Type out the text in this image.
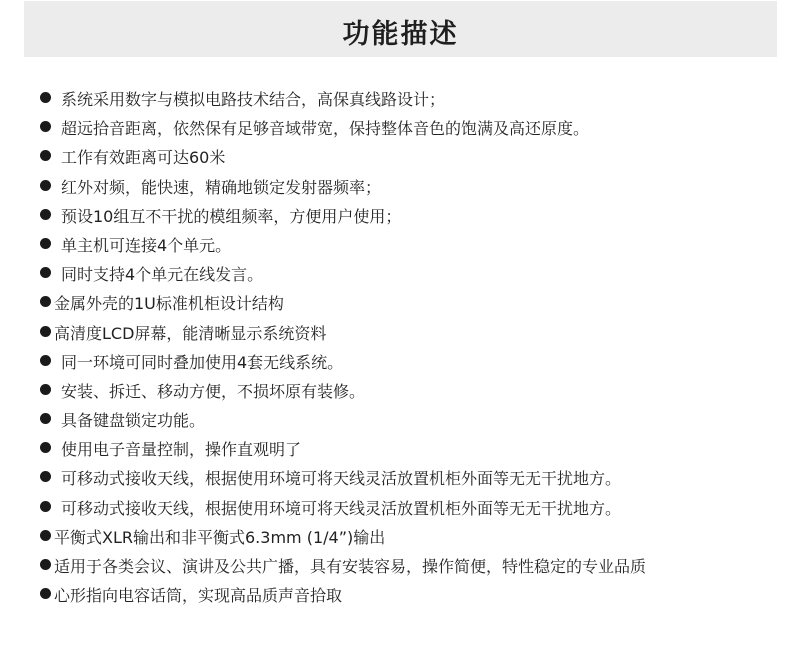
功能描述
系统采用数字与模拟电路技术结合，高保真线路设计；
超远拾音距离，依然保有足够音域带宽，保持整体音色的饱满及高还原度。
工作有效距离可达60米
红外对频，能快速，精确地锁定发射器频率；
预设10组互不干扰的模组频率，方便用户使用；
单主机可连接4个单元。
同时支持4个单元在线发言。
金属外壳的1U标准机柜设计结构
高清度LCD屏幕，能清晰显示系统资料
同一环境可同时叠加使用4套无线系统。
安装、拆迁、移动方便，不损坏原有装修。
具备键盘锁定功能。
使用电子音量控制，操作直观明了
可移动式接收天线，根据使用环境可将天线灵活放置机柜外面等无无干扰地方。
可移动式接收天线，根据使用环境可将天线灵活放置机柜外面等无无干扰地方。
平衡式XLR输出和非平衡式6.3mm (1/4”)输出
适用于各类会议、演讲及公共广播，具有安装容易，操作简便，特性稳定的专业品质
心形指向电容话筒，实现高品质声音拾取
